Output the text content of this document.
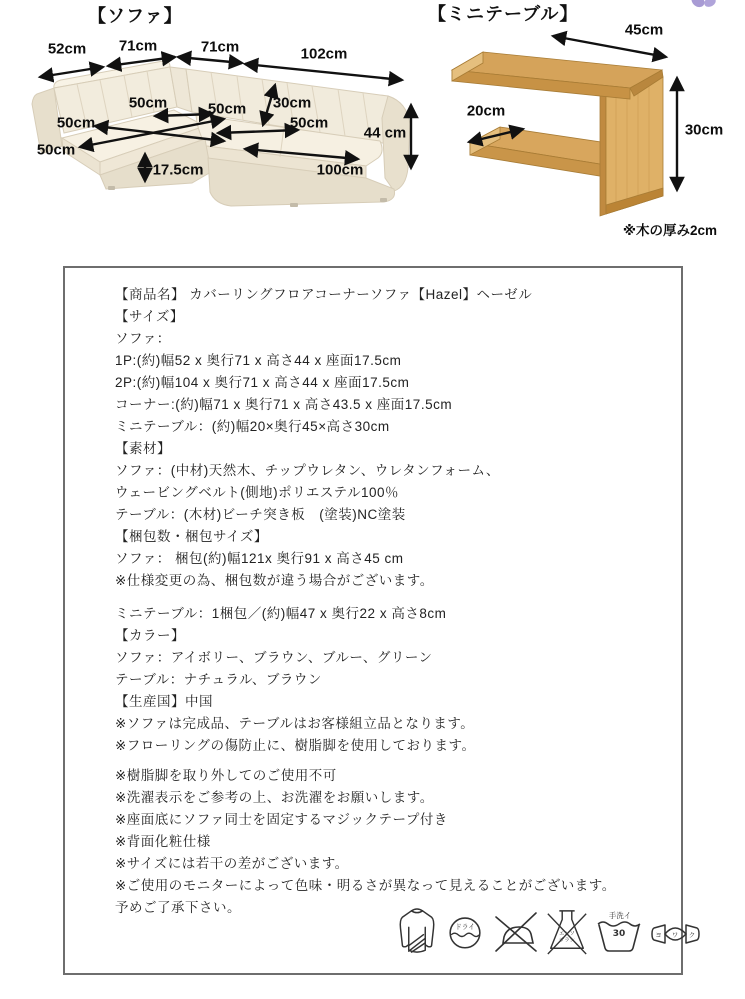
【ソファ】
52cm 71cm	71cm	102cm
50cm	50cm 30cm
50cm	50cm
44 cm
50cm
17.5cm	100cm
【ミニテーブル】
45cm
20cm
30cm
※木の厚み2cm
【商品名】 カバーリングフロアコーナーソファ【Hazel】ヘーゼル
【サイズ】
ソファ：
1P:(約)幅52 x 奥行71 x 高さ44 x 座面17.5cm
2P:(約)幅104 x 奥行71 x 高さ44 x 座面17.5cm
コーナー:(約)幅71 x 奥行71 x 高さ43.5 x 座面17.5cm
ミニテーブル：(約)幅20×奥行45×高さ30cm
【素材】
ソファ：(中材)天然木、チップウレタン、ウレタンフォーム、
ウェービングベルト(側地)ポリエステル100％
テーブル：(木材)ビーチ突き板　(塗装)NC塗装
【梱包数・梱包サイズ】
ソファ： 梱包(約)幅121x 奥行91 x 高さ45 cm
※仕様変更の為、梱包数が違う場合がございます。
ミニテーブル：1梱包／(約)幅47 x 奥行22 x 高さ8cm
【カラー】
ソファ：アイボリー、ブラウン、ブルー、グリーン
テーブル：ナチュラル、ブラウン
【生産国】中国
※ソファは完成品、テーブルはお客様組立品となります。
※フローリングの傷防止に、樹脂脚を使用しております。
※樹脂脚を取り外してのご使用不可
※洗濯表示をご参考の上、お洗濯をお願いします。
※座面底にソファ同士を固定するマジックテープ付き
※背面化粧仕様
※サイズには若干の差がございます。
※ご使用のモニターによって色味・明るさが異なって見えることがございます。
予めご了承下さい。
ドライ
エンソ
サラシ
手洗イ
30	ヨ ワ ク
